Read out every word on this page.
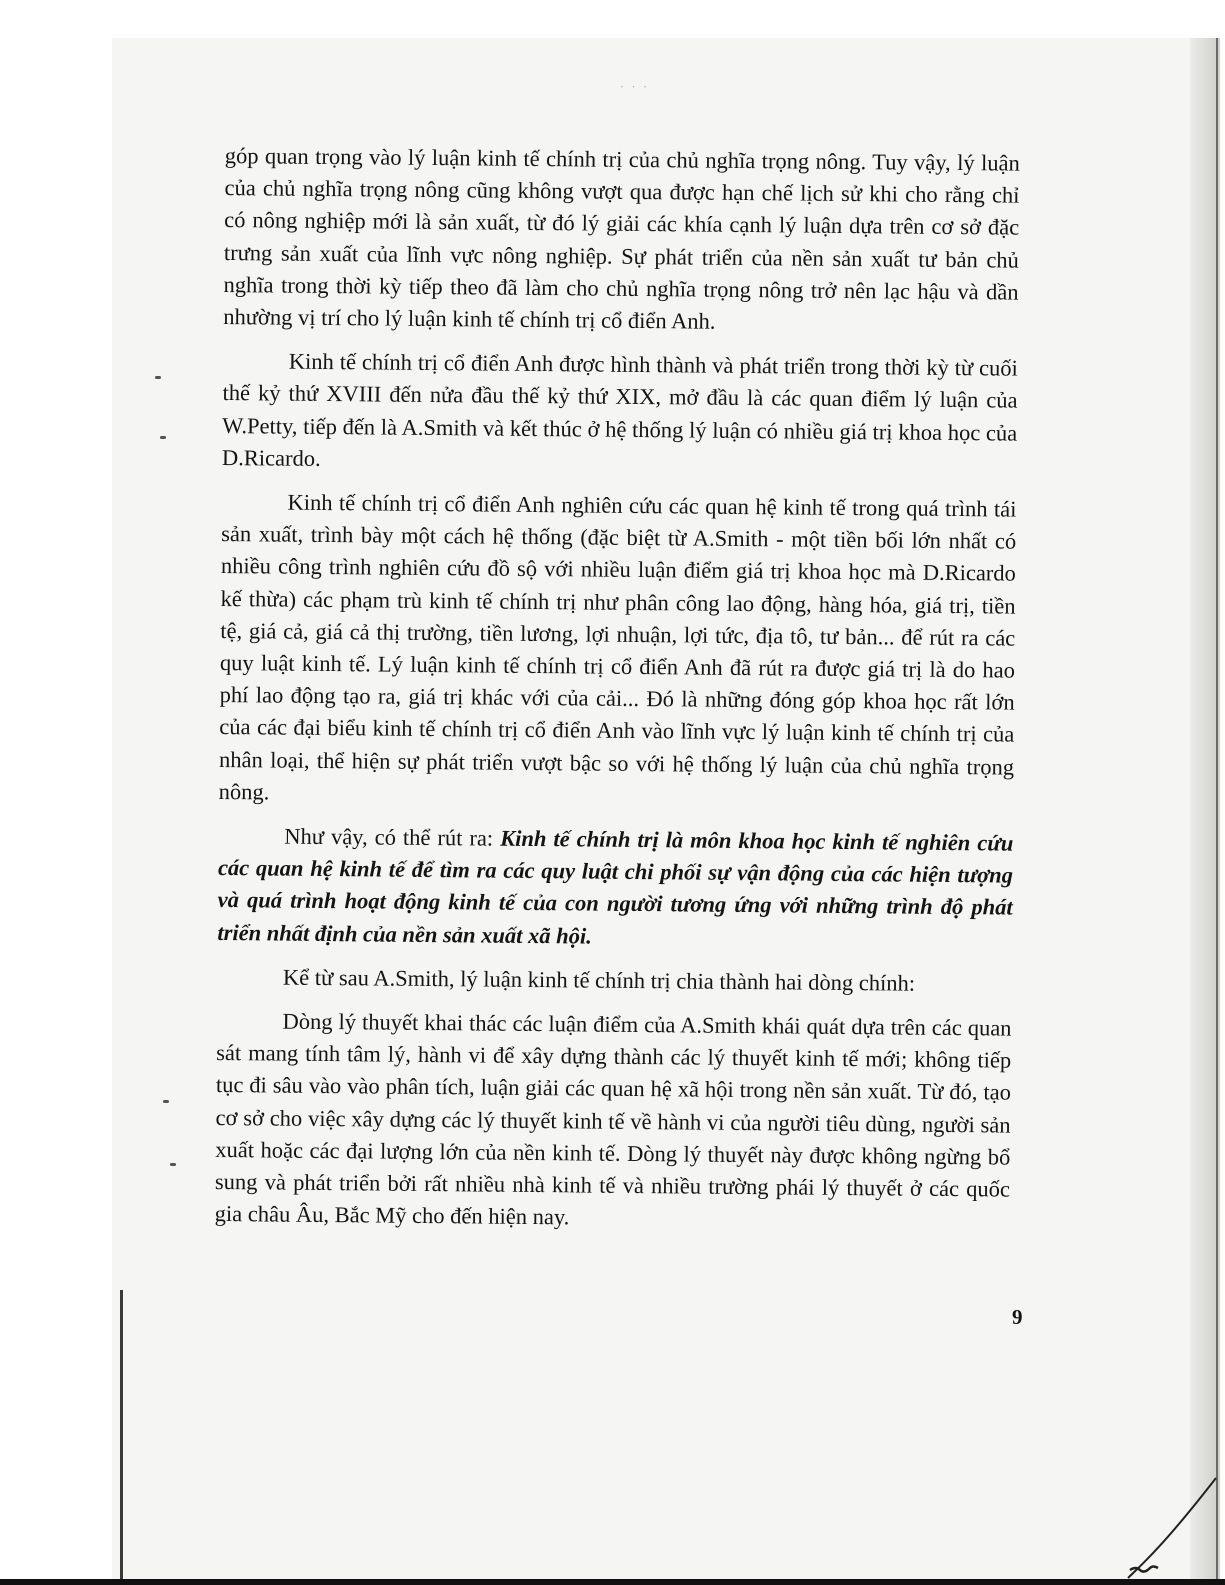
· · ·

góp quan trọng vào lý luận kinh tế chính trị của chủ nghĩa trọng nông. Tuy vậy, lý luận của chủ nghĩa trọng nông cũng không vượt qua được hạn chế lịch sử khi cho rằng chỉ có nông nghiệp mới là sản xuất, từ đó lý giải các khía cạnh lý luận dựa trên cơ sở đặc trưng sản xuất của lĩnh vực nông nghiệp. Sự phát triển của nền sản xuất tư bản chủ nghĩa trong thời kỳ tiếp theo đã làm cho chủ nghĩa trọng nông trở nên lạc hậu và dần nhường vị trí cho lý luận kinh tế chính trị cổ điển Anh.

Kinh tế chính trị cổ điển Anh được hình thành và phát triển trong thời kỳ từ cuối thế kỷ thứ XVIII đến nửa đầu thế kỷ thứ XIX, mở đầu là các quan điểm lý luận của W.Petty, tiếp đến là A.Smith và kết thúc ở hệ thống lý luận có nhiều giá trị khoa học của D.Ricardo.

Kinh tế chính trị cổ điển Anh nghiên cứu các quan hệ kinh tế trong quá trình tái sản xuất, trình bày một cách hệ thống (đặc biệt từ A.Smith - một tiền bối lớn nhất có nhiều công trình nghiên cứu đồ sộ với nhiều luận điểm giá trị khoa học mà D.Ricardo kế thừa) các phạm trù kinh tế chính trị như phân công lao động, hàng hóa, giá trị, tiền tệ, giá cả, giá cả thị trường, tiền lương, lợi nhuận, lợi tức, địa tô, tư bản... để rút ra các quy luật kinh tế. Lý luận kinh tế chính trị cổ điển Anh đã rút ra được giá trị là do hao phí lao động tạo ra, giá trị khác với của cải... Đó là những đóng góp khoa học rất lớn của các đại biểu kinh tế chính trị cổ điển Anh vào lĩnh vực lý luận kinh tế chính trị của nhân loại, thể hiện sự phát triển vượt bậc so với hệ thống lý luận của chủ nghĩa trọng nông.

Như vậy, có thể rút ra: Kinh tế chính trị là môn khoa học kinh tế nghiên cứu các quan hệ kinh tế để tìm ra các quy luật chi phối sự vận động của các hiện tượng và quá trình hoạt động kinh tế của con người tương ứng với những trình độ phát triển nhất định của nền sản xuất xã hội.

Kể từ sau A.Smith, lý luận kinh tế chính trị chia thành hai dòng chính:

Dòng lý thuyết khai thác các luận điểm của A.Smith khái quát dựa trên các quan sát mang tính tâm lý, hành vi để xây dựng thành các lý thuyết kinh tế mới; không tiếp tục đi sâu vào vào phân tích, luận giải các quan hệ xã hội trong nền sản xuất. Từ đó, tạo cơ sở cho việc xây dựng các lý thuyết kinh tế về hành vi của người tiêu dùng, người sản xuất hoặc các đại lượng lớn của nền kinh tế. Dòng lý thuyết này được không ngừng bổ sung và phát triển bởi rất nhiều nhà kinh tế và nhiều trường phái lý thuyết ở các quốc gia châu Âu, Bắc Mỹ cho đến hiện nay.

9
